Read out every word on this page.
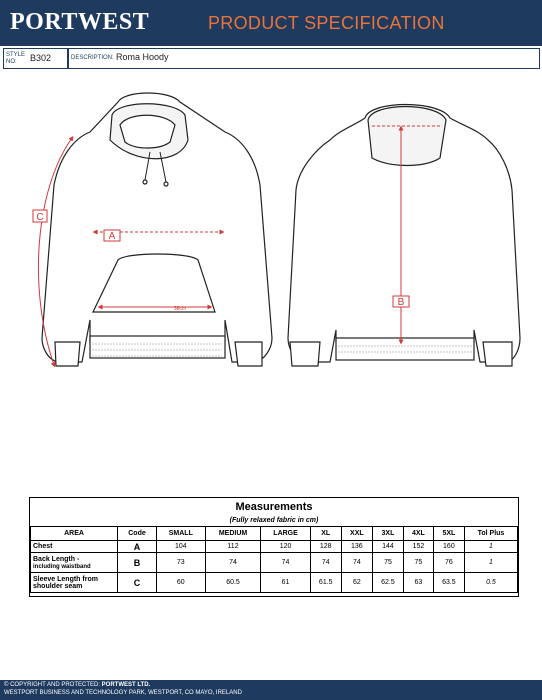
PORTWEST	PRODUCT SPECIFICATION
STYLE
NO: B302	DESCRIPTION: Roma Hoody
A
C
38cm
B
Measurements
(Fully relaxed fabric in cm)
AREA	Code	SMALL	MEDIUM	LARGE	XL	XXL	3XL	4XL	5XL	Tol Plus
Chest	A	104	112	120	128	136	144	152	160	1
Back Length -
including waistband	B	73	74	74	74	74	75	75	76	1
Sleeve Length from
shoulder seam	C	60	60.5	61	61.5	62	62.5	63	63.5	0.5
© COPYRIGHT AND PROTECTED: PORTWEST LTD.
WESTPORT BUSINESS AND TECHNOLOGY PARK, WESTPORT, CO MAYO, IRELAND
